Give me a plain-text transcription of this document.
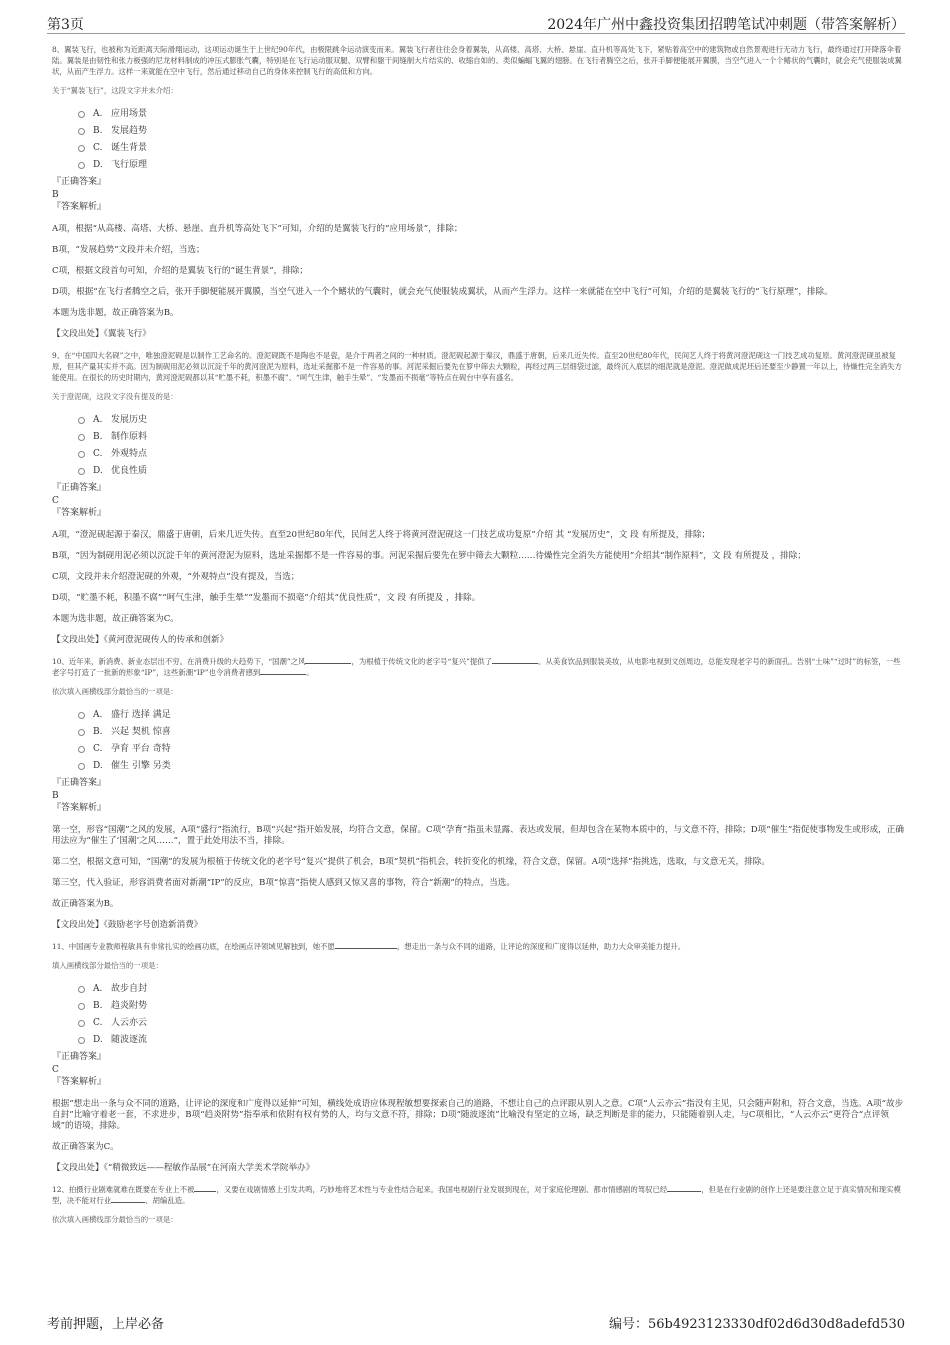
第3页	2024年广州中鑫投资集团招聘笔试冲刺题（带答案解析）

8、翼装飞行，也被称为近距离天际滑翔运动，这项运动诞生于上世纪90年代，由极限跳伞运动演变而来。翼装飞行者往往会身着翼装，从高楼、高塔、大桥、悬崖、直升机等高处飞下，紧贴着高空中的建筑物或自然景观进行无动力飞行，最终通过打开降落伞着陆。翼装是由韧性和张力极强的尼龙材料制成的冲压式膨胀气囊，特别是在飞行运动服双腿、双臂和躯干间缝制大片结实的、收缩自如的、类似蝙蝠飞翼的翅膀。在飞行者腾空之后，张开手脚便能展开翼膜，当空气进入一个个鳍状的气囊时，就会充气使服装成翼状，从而产生浮力。这样一来就能在空中飞行，然后通过移动自己的身体来控制飞行的高低和方向。

关于“翼装飞行”，这段文字并未介绍：

A. 应用场景
B. 发展趋势
C. 诞生背景
D. 飞行原理

『正确答案』

B

『答案解析』

A项，根据“从高楼、高塔、大桥、悬崖、直升机等高处飞下”可知，介绍的是翼装飞行的“应用场景”，排除；

B项，“发展趋势”文段并未介绍，当选；

C项，根据文段首句可知，介绍的是翼装飞行的“诞生背景”，排除；

D项，根据“在飞行者腾空之后，张开手脚便能展开翼膜，当空气进入一个个鳍状的气囊时，就会充气使服装成翼状，从而产生浮力。这样一来就能在空中飞行”可知，介绍的是翼装飞行的“飞行原理”，排除。

本题为选非题，故正确答案为B。

【文段出处】《翼装飞行》

9、在“中国四大名砚”之中，唯独澄泥砚是以制作工艺命名的。澄泥砚既不是陶也不是瓷，是介于两者之间的一种材质。澄泥砚起源于秦汉，鼎盛于唐朝，后来几近失传。直至20世纪80年代，民间艺人终于将黄河澄泥砚这一门技艺成功复原。黄河澄泥砚虽被复原，但其产量其实并不高。因为制砚用泥必须以沉淀千年的黄河澄泥为原料，选址采掘都不是一件容易的事。河泥采掘后要先在箩中筛去大颗粒，再经过两三层细袋过滤，最终沉入底层的细泥就是澄泥。澄泥做成泥坯后还要至少静置一年以上，待燥性完全消失方能使用。在很长的历史时期内，黄河澄泥砚都以其“贮墨不耗，积墨不腐”、“呵气生津，触手生晕”、“发墨而不损毫”等特点在砚台中享有盛名。

关于澄泥砚，这段文字没有提及的是：

A. 发展历史
B. 制作原料
C. 外观特点
D. 优良性质

『正确答案』

C

『答案解析』

A项，“澄泥砚起源于秦汉，鼎盛于唐朝，后来几近失传。直至20世纪80年代，民间艺人终于将黄河澄泥砚这一门技艺成功复原”介绍 其 “发展历史”，文 段 有所提及，排除；

B项，“因为制砚用泥必须以沉淀千年的黄河澄泥为原料，选址采掘都不是一件容易的事。河泥采掘后要先在箩中筛去大颗粒……待燥性完全消失方能使用”介绍其“制作原料”，文 段 有所提及 ，排除；

C项，文段并未介绍澄泥砚的外观，“外观特点”没有提及，当选；

D项，“贮墨不耗，积墨不腐”“呵气生津，触手生晕”“发墨而不损毫”介绍其“优良性质”，文 段 有所提及 ，排除。

本题为选非题，故正确答案为C。

【文段出处】《黄河澄泥砚传人的传承和创新》

10、近年来，新消费、新业态层出不穷。在消费升级的大趋势下，“国潮”之风	，为根植于传统文化的老字号“复兴”提供了	。从美食饮品到服装美妆，从电影电视到文创周边，总能发现老字号的新面孔。告别“土味”“过时”的标签，一些老字号打造了一批新的形象“IP”，这些新潮“IP”也令消费者感到	。

依次填入画横线部分最恰当的一项是：

A. 盛行 选择 满足
B. 兴起 契机 惊喜
C. 孕育 平台 奇特
D. 催生 引擎 另类

『正确答案』

B

『答案解析』

第一空，形容“国潮”之风的发展，A项“盛行”指流行，B项“兴起”指开始发展，均符合文意，保留。C项“孕育”指虽未显露、表达或发展，但却包含在某物本质中的，与文意不符，排除；D项“催生”指促使事物发生或形成，正确用法应为“催生了‘国潮’之风……”，置于此处用法不当，排除。

第二空，根据文意可知，“国潮”的发展为根植于传统文化的老字号“复兴”提供了机会，B项“契机”指机会，转折变化的机缘，符合文意，保留。A项“选择”指挑选，选取，与文意无关，排除。

第三空，代入验证，形容消费者面对新潮“IP”的反应，B项“惊喜”指使人感到又惊又喜的事物，符合“新潮”的特点，当选。

故正确答案为B。

【文段出处】《鼓励老字号创造新消费》

11、中国画专业教师程敏具有非常扎实的绘画功底，在绘画点评领域见解独到，她不愿	，想走出一条与众不同的道路，让评论的深度和广度得以延伸，助力大众审美能力提升。

填入画横线部分最恰当的一项是：

A. 故步自封
B. 趋炎附势
C. 人云亦云
D. 随波逐流

『正确答案』

C

『答案解析』

根据“想走出一条与众不同的道路，让评论的深度和广度得以延伸”可知，横线处成语应体现程敏想要探索自己的道路，不想让自己的点评跟从别人之意。C项“人云亦云”指没有主见，只会随声附和，符合文意，当选。A项“故步自封”比喻守着老一套，不求进步，B项“趋炎附势”指奉承和依附有权有势的人，均与文意不符，排除；D项“随波逐流”比喻没有坚定的立场，缺乏判断是非的能力，只能随着别人走，与C项相比，“人云亦云”更符合“点评领域”的语境，排除。

故正确答案为C。

【文段出处】《“精微致远——程敏作品展”在河南大学美术学院举办》

12、拍摄行业剧难就难在既要在专业上不被	，又要在戏剧情感上引发共鸣，巧妙地将艺术性与专业性结合起来。我国电视剧行业发展到现在，对于家庭伦理剧、都市情感剧的驾驭已经	，但是在行业剧的创作上还是要注意立足于真实情况和现实模型，决不能对行业	、胡编乱造。

依次填入画横线部分最恰当的一项是：

考前押题，上岸必备	编号：56b4923123330df02d6d30d8adefd530
